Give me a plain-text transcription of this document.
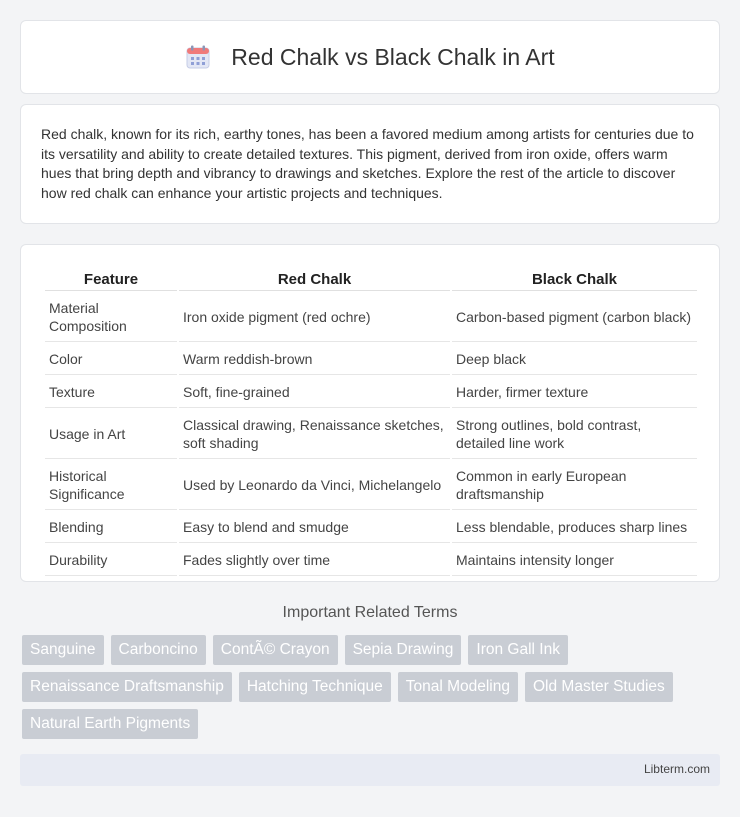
Red Chalk vs Black Chalk in Art

Red chalk, known for its rich, earthy tones, has been a favored medium among artists for centuries due to its versatility and ability to create detailed textures. This pigment, derived from iron oxide, offers warm hues that bring depth and vibrancy to drawings and sketches. Explore the rest of the article to discover how red chalk can enhance your artistic projects and techniques.

Feature	Red Chalk	Black Chalk
Material Composition	Iron oxide pigment (red ochre)	Carbon-based pigment (carbon black)
Color	Warm reddish-brown	Deep black
Texture	Soft, fine-grained	Harder, firmer texture
Usage in Art	Classical drawing, Renaissance sketches, soft shading	Strong outlines, bold contrast, detailed line work
Historical Significance	Used by Leonardo da Vinci, Michelangelo	Common in early European draftsmanship
Blending	Easy to blend and smudge	Less blendable, produces sharp lines
Durability	Fades slightly over time	Maintains intensity longer
Important Related Terms
Sanguine	Carboncino	ContÃ© Crayon	Sepia Drawing	Iron Gall Ink
Renaissance Draftsmanship	Hatching Technique	Tonal Modeling	Old Master Studies
Natural Earth Pigments
Libterm.com
